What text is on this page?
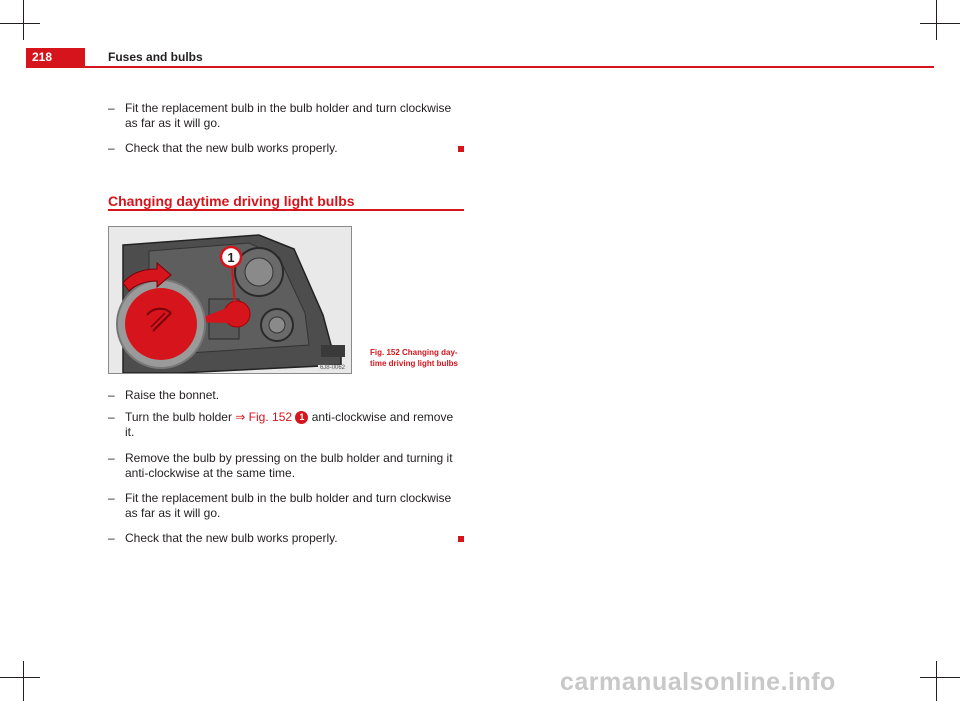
218	Fuses and bulbs
– Fit the replacement bulb in the bulb holder and turn clockwise as far as it will go.
– Check that the new bulb works properly.
Changing daytime driving light bulbs
1
6J8-0062
Fig. 152 Changing day-
time driving light bulbs
– Raise the bonnet.
– Turn the bulb holder ⇒ Fig. 152 1 anti-clockwise and remove it.
– Remove the bulb by pressing on the bulb holder and turning it anti-clockwise at the same time.
– Fit the replacement bulb in the bulb holder and turn clockwise as far as it will go.
– Check that the new bulb works properly.
carmanualsonline.info
